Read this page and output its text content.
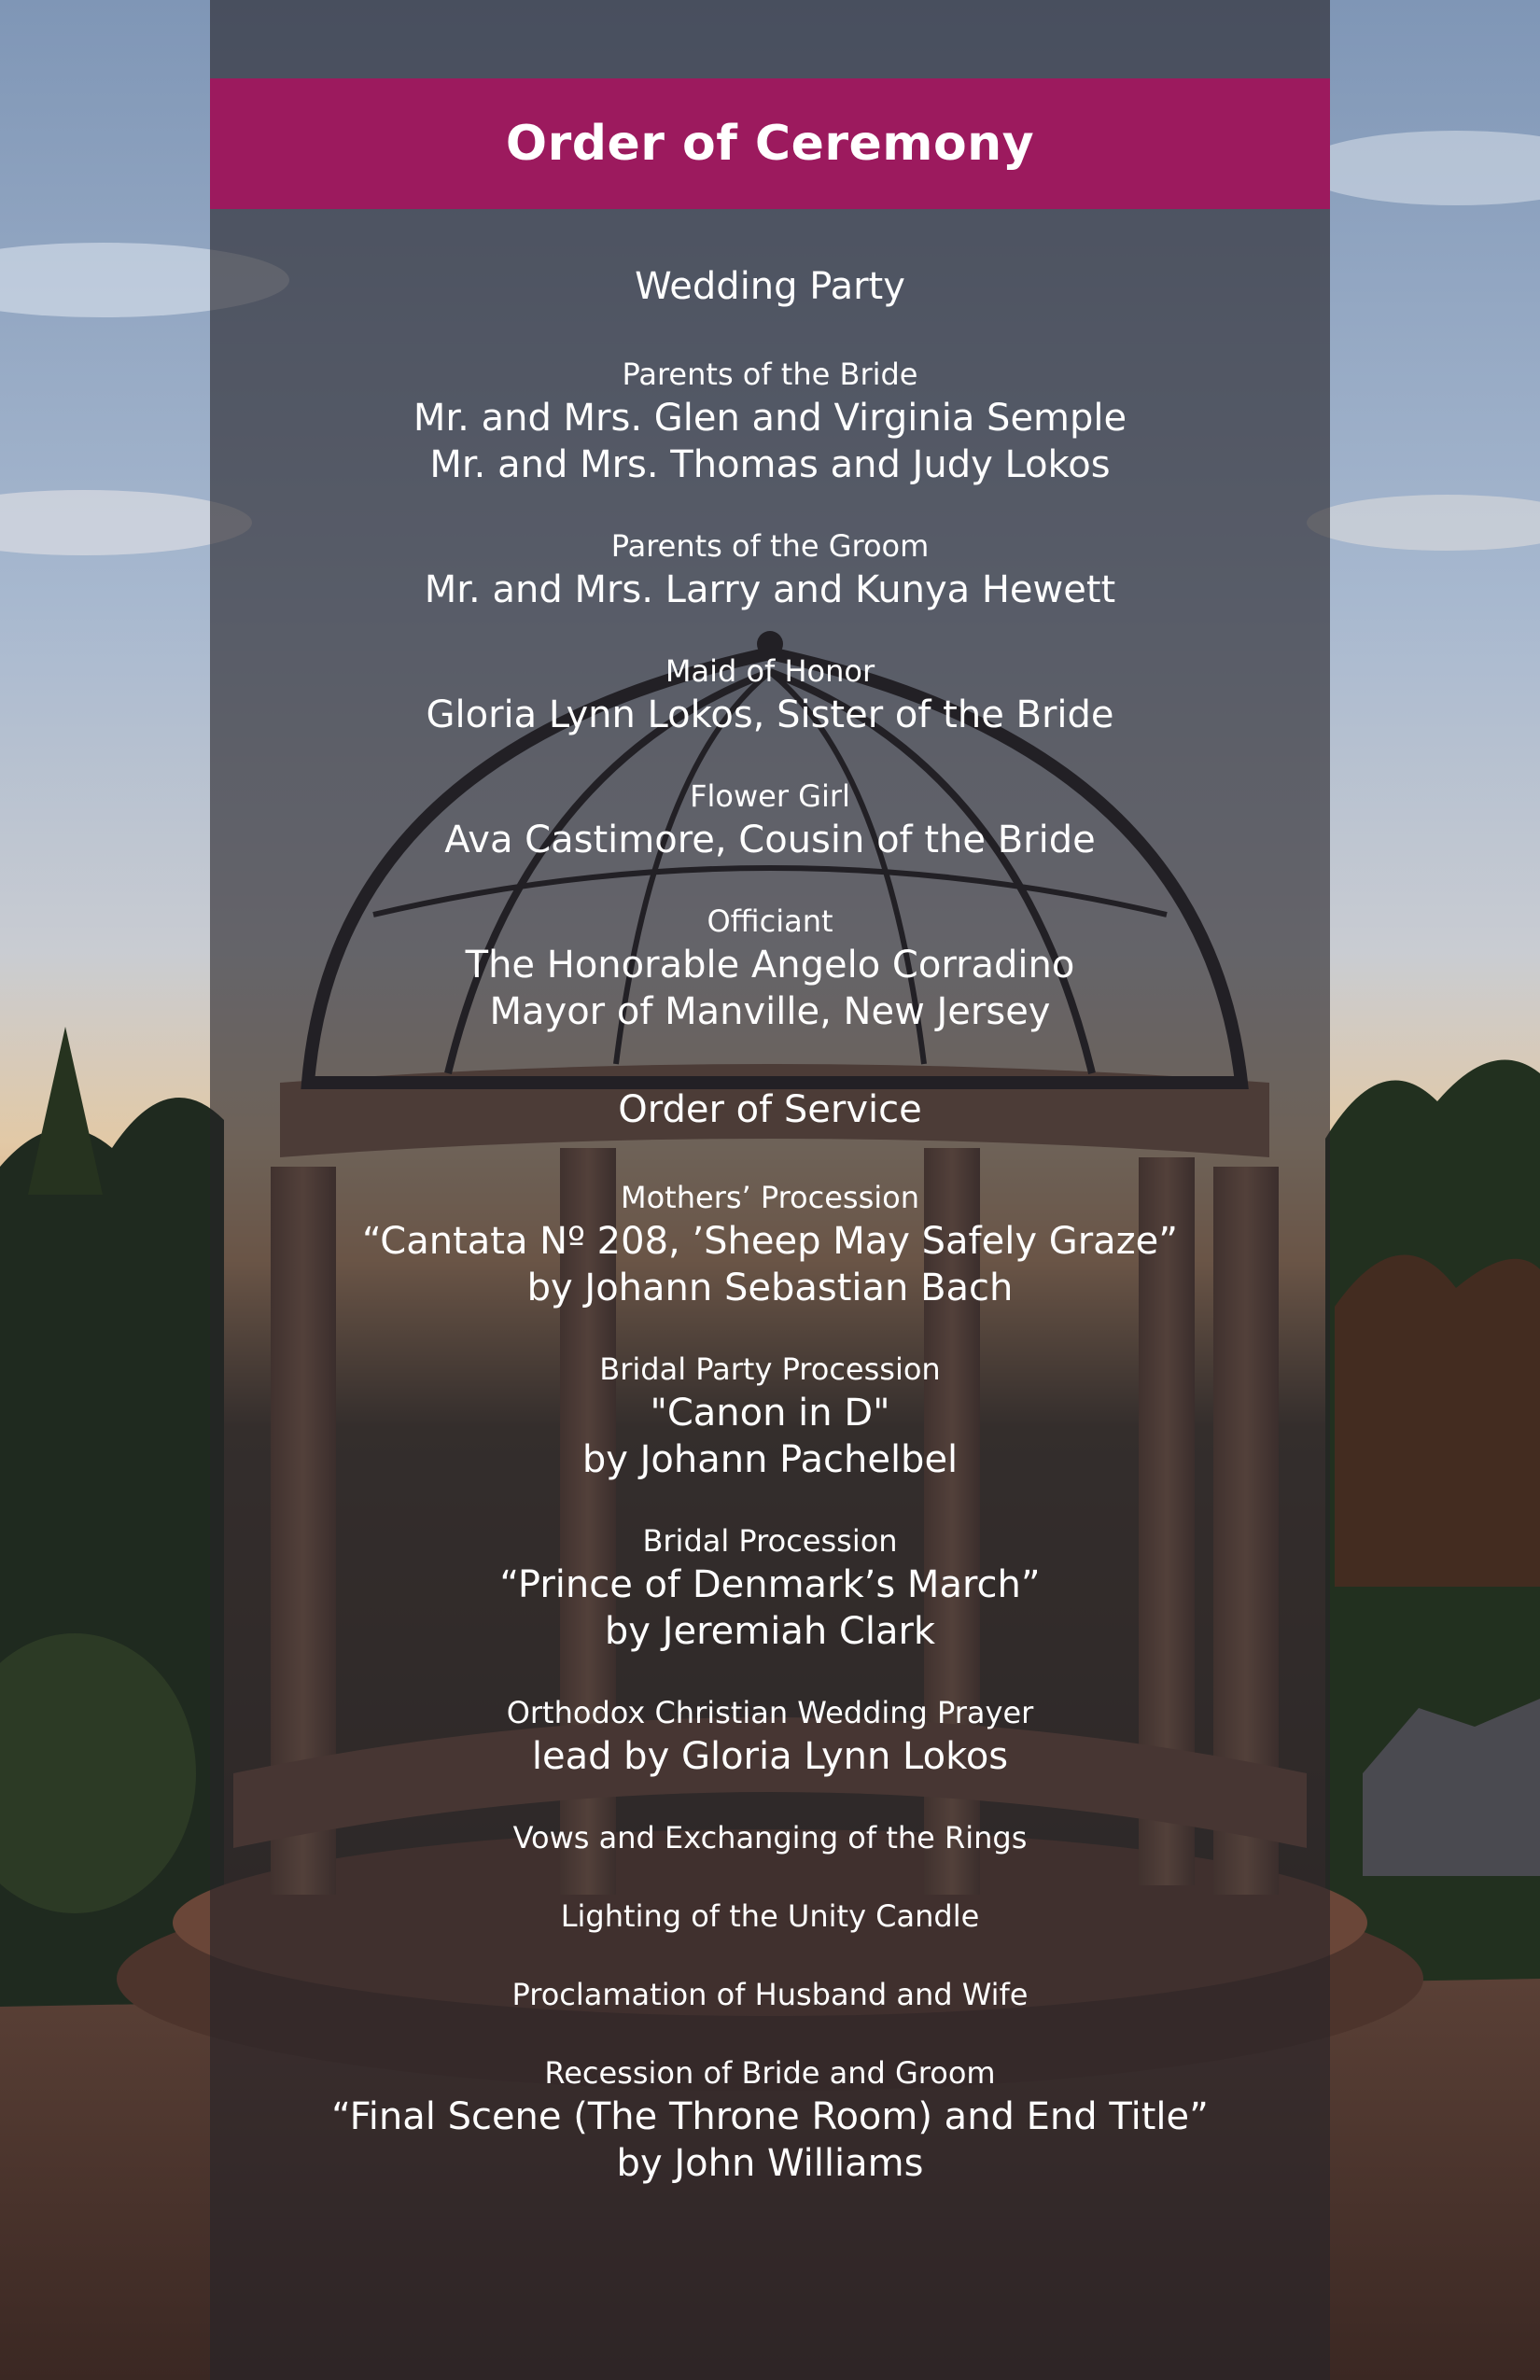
Order of Ceremony
Wedding Party
Parents of the Bride
Mr. and Mrs. Glen and Virginia Semple
Mr. and Mrs. Thomas and Judy Lokos
Parents of the Groom
Mr. and Mrs. Larry and Kunya Hewett
Maid of Honor
Gloria Lynn Lokos, Sister of the Bride
Flower Girl
Ava Castimore, Cousin of the Bride
Officiant
The Honorable Angelo Corradino
Mayor of Manville, New Jersey
Order of Service
Mothers’ Procession
“Cantata Nº 208, ’Sheep May Safely Graze”
by Johann Sebastian Bach
Bridal Party Procession
"Canon in D"
by Johann Pachelbel
Bridal Procession
“Prince of Denmark’s March”
by Jeremiah Clark
Orthodox Christian Wedding Prayer
lead by Gloria Lynn Lokos
Vows and Exchanging of the Rings
Lighting of the Unity Candle
Proclamation of Husband and Wife
Recession of Bride and Groom
“Final Scene (The Throne Room) and End Title”
by John Williams
